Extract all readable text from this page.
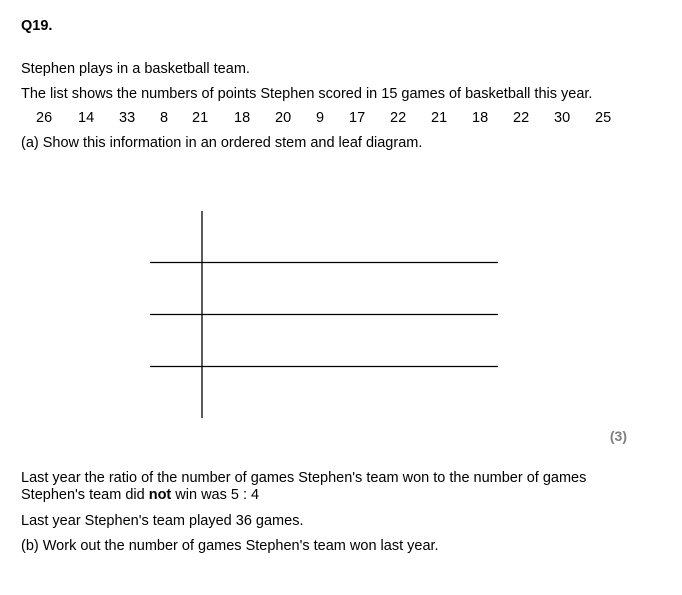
Q19.
Stephen plays in a basketball team.
The list shows the numbers of points Stephen scored in 15 games of basketball this year.
26 14 33 8 21 18 20 9 17 22 21 18 22 30 25
(a) Show this information in an ordered stem and leaf diagram.
(3)
Last year the ratio of the number of games Stephen's team won to the number of games Stephen's team did not win was 5 : 4
Last year Stephen's team played 36 games.
(b) Work out the number of games Stephen's team won last year.
